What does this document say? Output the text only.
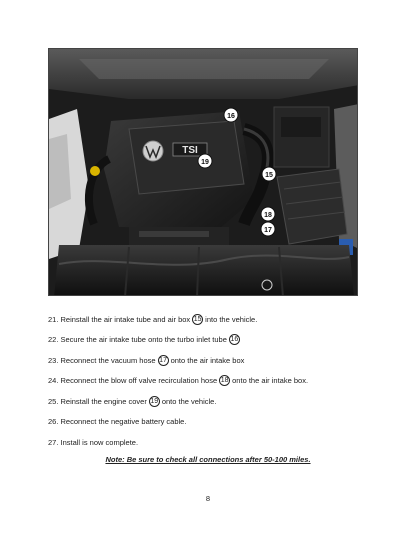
TSI
16
19
15
18
17
21. Reinstall the air intake tube and air box 15 into the vehicle.
22. Secure the air intake tube onto the turbo inlet tube 16
23. Reconnect the vacuum hose 17 onto the air intake box
24. Reconnect the blow off valve recirculation hose 18 onto the air intake box.
25. Reinstall the engine cover 19 onto the vehicle.
26. Reconnect the negative battery cable.
27. Install is now complete.
Note: Be sure to check all connections after 50-100 miles.
8
